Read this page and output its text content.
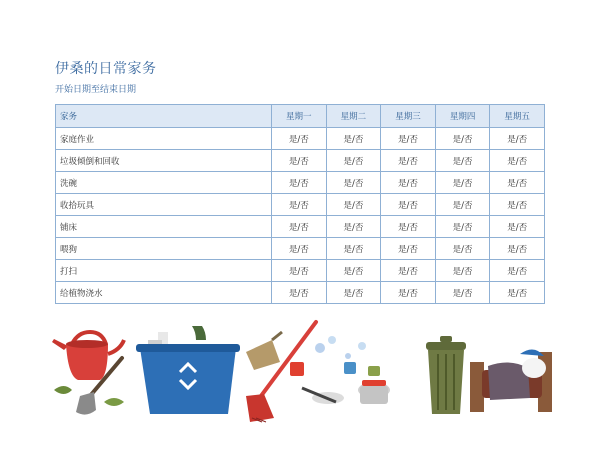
伊桑的日常家务
开始日期至结束日期
家务	星期一	星期二	星期三	星期四	星期五
家庭作业	是/否	是/否	是/否	是/否	是/否
垃圾倾倒和回收	是/否	是/否	是/否	是/否	是/否
洗碗	是/否	是/否	是/否	是/否	是/否
收拾玩具	是/否	是/否	是/否	是/否	是/否
铺床	是/否	是/否	是/否	是/否	是/否
喂狗	是/否	是/否	是/否	是/否	是/否
打扫	是/否	是/否	是/否	是/否	是/否
给植物浇水	是/否	是/否	是/否	是/否	是/否
